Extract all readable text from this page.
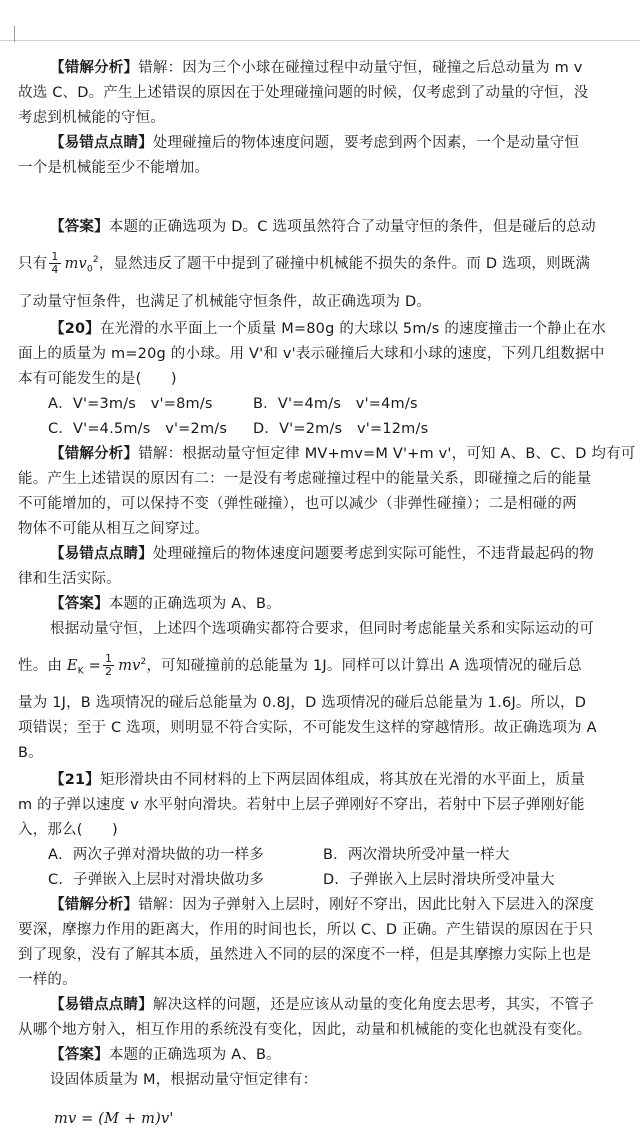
【错解分析】错解：因为三个小球在碰撞过程中动量守恒，碰撞之后总动量为 m v

故选 C、D。产生上述错误的原因在于处理碰撞问题的时候，仅考虑到了动量的守恒，没

考虑到机械能的守恒。

【易错点点睛】处理碰撞后的物体速度问题，要考虑到两个因素，一个是动量守恒

一个是机械能至少不能增加。

【答案】本题的正确选项为 D。C 选项虽然符合了动量守恒的条件，但是碰后的总动

只有 $\frac{1}{4} mv_0^2$，显然违反了题干中提到了碰撞中机械能不损失的条件。而 D 选项，则既满

了动量守恒条件，也满足了机械能守恒条件，故正确选项为 D。

【20】在光滑的水平面上一个质量 M=80g 的大球以 5m/s 的速度撞击一个静止在水

面上的质量为 m=20g 的小球。用 V'和 v'表示碰撞后大球和小球的速度，下列几组数据中

本有可能发生的是(　　)

A．V'=3m/s　v'=8m/s	B．V'=4m/s　v'=4m/s

C．V'=4.5m/s　v'=2m/s D．V'=2m/s　v'=12m/s

【错解分析】错解：根据动量守恒定律 MV+mv=M V'+m v'，可知 A、B、C、D 均有可

能。产生上述错误的原因有二：一是没有考虑碰撞过程中的能量关系，即碰撞之后的能量

不可能增加的，可以保持不变（弹性碰撞），也可以减少（非弹性碰撞）；二是相碰的两

物体不可能从相互之间穿过。

【易错点点睛】处理碰撞后的物体速度问题要考虑到实际可能性，不违背最起码的物

律和生活实际。

【答案】本题的正确选项为 A、B。

根据动量守恒，上述四个选项确实都符合要求，但同时考虑能量关系和实际运动的可

性。由 $E_K = \frac{1}{2} mv^2$，可知碰撞前的总能量为 1J。同样可以计算出 A 选项情况的碰后总

量为 1J，B 选项情况的碰后总能量为 0.8J，D 选项情况的碰后总能量为 1.6J。所以，D

项错误；至于 C 选项，则明显不符合实际，不可能发生这样的穿越情形。故正确选项为 A

B。

【21】矩形滑块由不同材料的上下两层固体组成，将其放在光滑的水平面上，质量

m 的子弹以速度 v 水平射向滑块。若射中上层子弹刚好不穿出，若射中下层子弹刚好能

入，那么(　　)

A．两次子弹对滑块做的功一样多	B．两次滑块所受冲量一样大

C．子弹嵌入上层时对滑块做功多	D．子弹嵌入上层时滑块所受冲量大

【错解分析】错解：因为子弹射入上层时，刚好不穿出，因此比射入下层进入的深度

要深，摩擦力作用的距离大，作用的时间也长，所以 C、D 正确。产生错误的原因在于只

到了现象，没有了解其本质，虽然进入不同的层的深度不一样，但是其摩擦力实际上也是

一样的。

【易错点点睛】解决这样的问题，还是应该从动量的变化角度去思考，其实，不管子

从哪个地方射入，相互作用的系统没有变化，因此，动量和机械能的变化也就没有变化。

【答案】本题的正确选项为 A、B。

设固体质量为 M，根据动量守恒定律有：

mv = (M + m)v'
